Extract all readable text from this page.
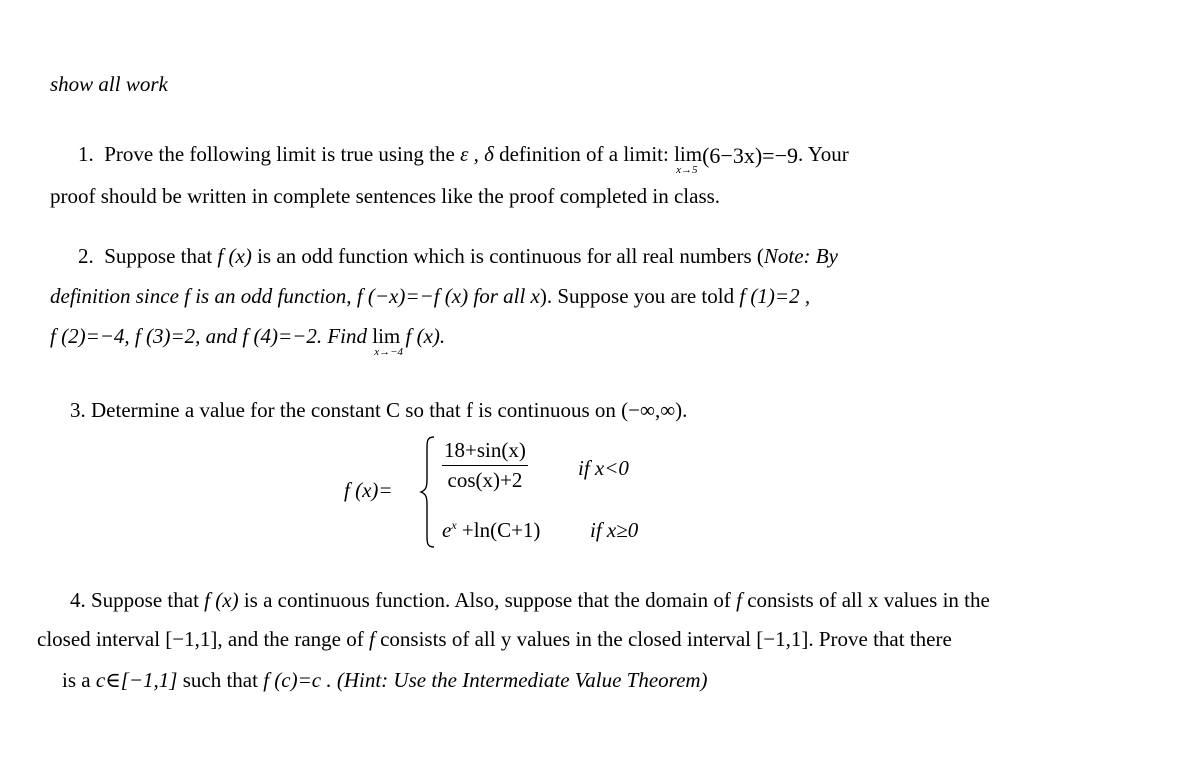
show all work
1. Prove the following limit is true using the ε , δ definition of a limit: lim
x→5
(6−3x)=−9. Your
proof should be written in complete sentences like the proof completed in class.
2. Suppose that f (x) is an odd function which is continuous for all real numbers (Note: By
definition since f is an odd function, f (−x)=−f (x) for all x). Suppose you are told f (1)=2 ,
f (2)=−4, f (3)=2, and f (4)=−2. Find lim
x→−4
f (x).
3. Determine a value for the constant C so that f is continuous on (−∞,∞).
f $(x)= \frac{18+\sin(x)}{\cos(x)+2}$ if x<0
$e^x +\ln(C+1)$ if x≥0
4. Suppose that f (x) is a continuous function. Also, suppose that the domain of f consists of all x values in the
closed interval [−1,1], and the range of f consists of all y values in the closed interval [−1,1]. Prove that there
is a c∈[−1,1] such that f (c)=c . (Hint: Use the Intermediate Value Theorem)
